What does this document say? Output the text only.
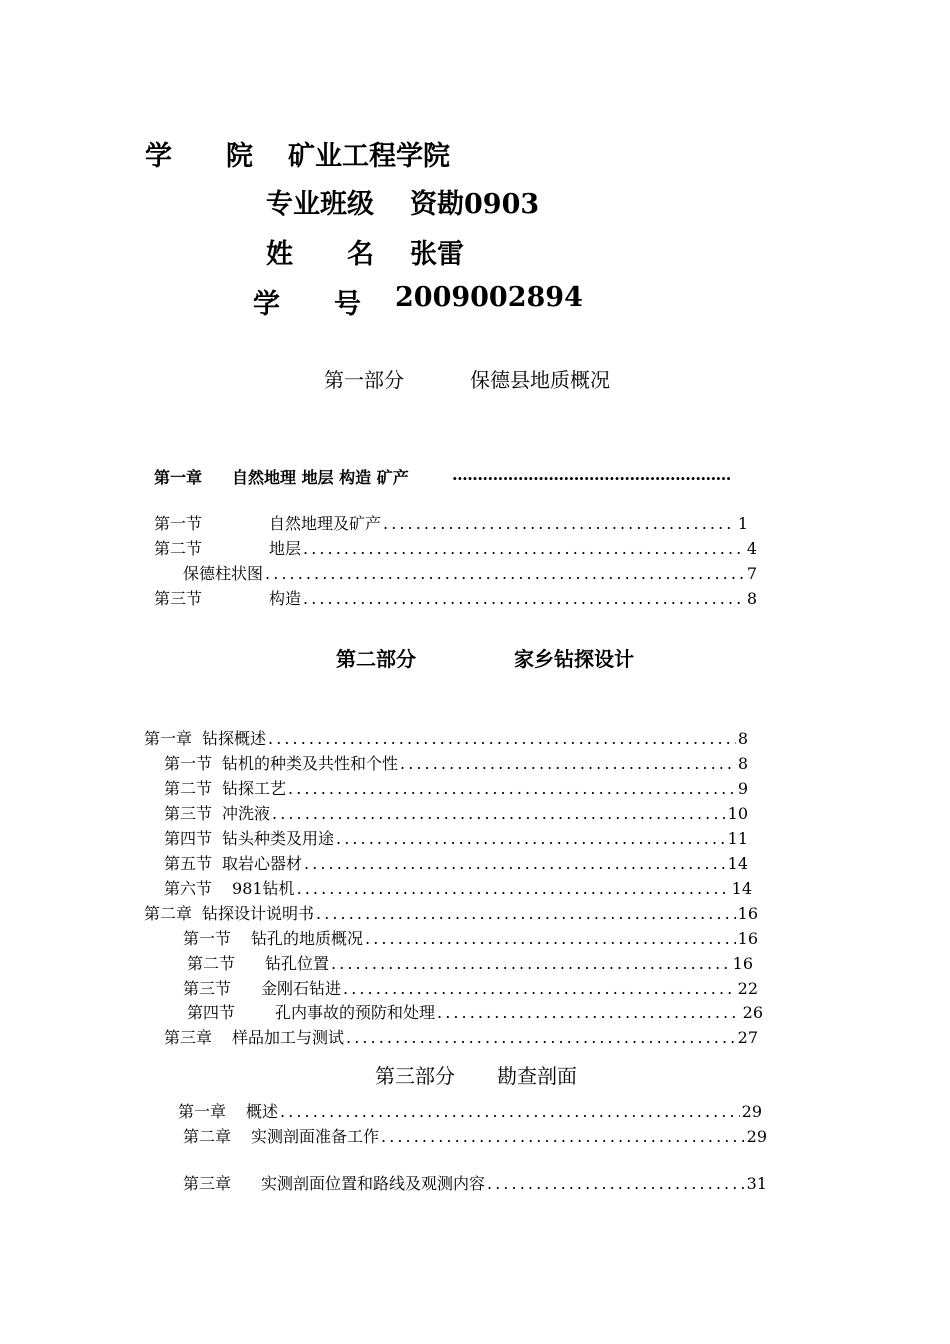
学　　院 矿业工程学院
专业班级 资勘0903
姓　　名 张雷
学　　号 2009002894
第一部分	保德县地质概况
第一章 自然地理 地层 构造 矿产	.......................................................
第一节	自然地理及矿产 . . .	1
第二节	地层 . . .	4
保德柱状图 . . .	7
第三节	构造 . . .	8
第二部分	家乡钻探设计
第一章 钻探概述 . . .	8
第一节 钻机的种类及共性和个性 . . .	8
第二节 钻探工艺 . . .	9
第三节 冲洗液 . . .	10
第四节 钻头种类及用途 . . .	11
第五节 取岩心器材 . . .	14
第六节 981钻机 . . .	14
第二章 钻探设计说明书 . . .	16
第一节 钻孔的地质概况 . . .	16
第二节 钻孔位置 . . .	16
第三节 金刚石钻进 . . .	22
第四节	孔内事故的预防和处理 . . .	26
第三章 样品加工与测试 . . .	27
第三部分 勘查剖面
第一章 概述 . . .	29
第二章 实测剖面准备工作 . . .	29
第三章 实测剖面位置和路线及观测内容 . . .	31
